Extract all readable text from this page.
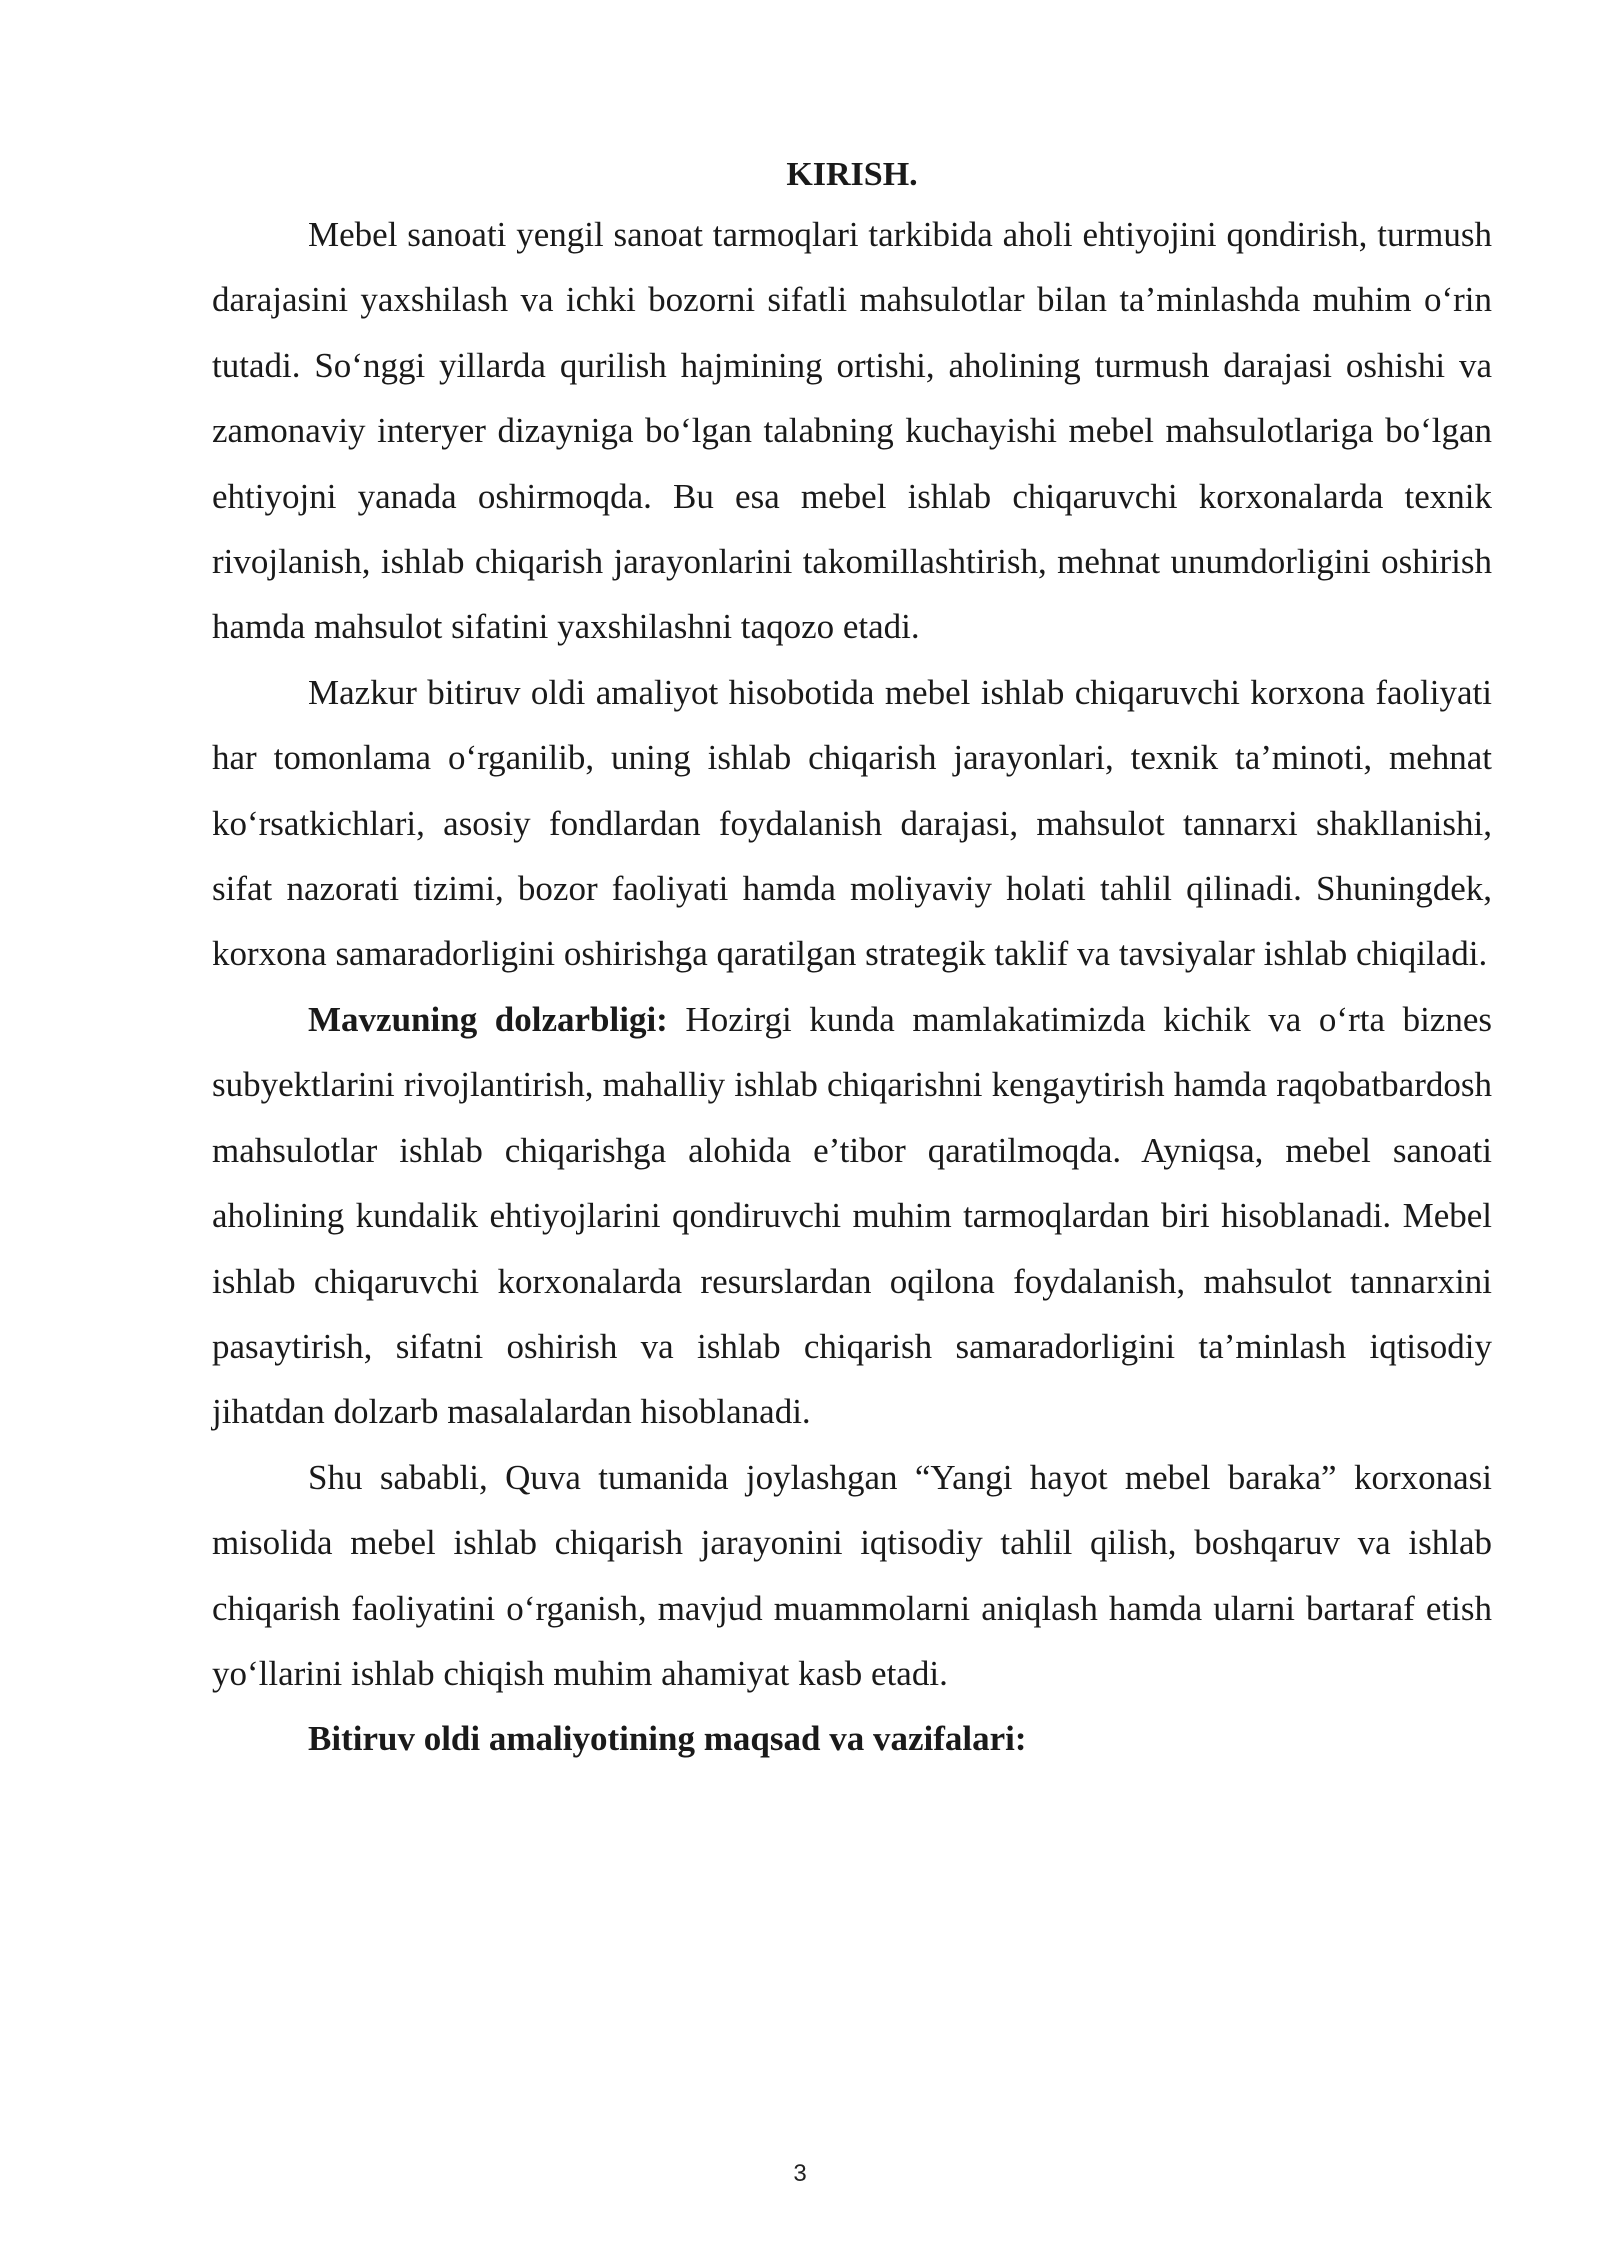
KIRISH.

Mebel sanoati yengil sanoat tarmoqlari tarkibida aholi ehtiyojini qondirish, turmush darajasini yaxshilash va ichki bozorni sifatli mahsulotlar bilan ta’minlashda muhim o‘rin tutadi. So‘nggi yillarda qurilish hajmining ortishi, aholining turmush darajasi oshishi va zamonaviy interyer dizayniga bo‘lgan talabning kuchayishi mebel mahsulotlariga bo‘lgan ehtiyojni yanada oshirmoqda. Bu esa mebel ishlab chiqaruvchi korxonalarda texnik rivojlanish, ishlab chiqarish jarayonlarini takomillashtirish, mehnat unumdorligini oshirish hamda mahsulot sifatini yaxshilashni taqozo etadi.

Mazkur bitiruv oldi amaliyot hisobotida mebel ishlab chiqaruvchi korxona faoliyati har tomonlama o‘rganilib, uning ishlab chiqarish jarayonlari, texnik ta’minoti, mehnat ko‘rsatkichlari, asosiy fondlardan foydalanish darajasi, mahsulot tannarxi shakllanishi, sifat nazorati tizimi, bozor faoliyati hamda moliyaviy holati tahlil qilinadi. Shuningdek, korxona samaradorligini oshirishga qaratilgan strategik taklif va tavsiyalar ishlab chiqiladi.

Mavzuning dolzarbligi: Hozirgi kunda mamlakatimizda kichik va o‘rta biznes subyektlarini rivojlantirish, mahalliy ishlab chiqarishni kengaytirish hamda raqobatbardosh mahsulotlar ishlab chiqarishga alohida e’tibor qaratilmoqda. Ayniqsa, mebel sanoati aholining kundalik ehtiyojlarini qondiruvchi muhim tarmoqlardan biri hisoblanadi. Mebel ishlab chiqaruvchi korxonalarda resurslardan oqilona foydalanish, mahsulot tannarxini pasaytirish, sifatni oshirish va ishlab chiqarish samaradorligini ta’minlash iqtisodiy jihatdan dolzarb masalalardan hisoblanadi.

Shu sababli, Quva tumanida joylashgan “Yangi hayot mebel baraka” korxonasi misolida mebel ishlab chiqarish jarayonini iqtisodiy tahlil qilish, boshqaruv va ishlab chiqarish faoliyatini o‘rganish, mavjud muammolarni aniqlash hamda ularni bartaraf etish yo‘llarini ishlab chiqish muhim ahamiyat kasb etadi.

Bitiruv oldi amaliyotining maqsad va vazifalari:

3
